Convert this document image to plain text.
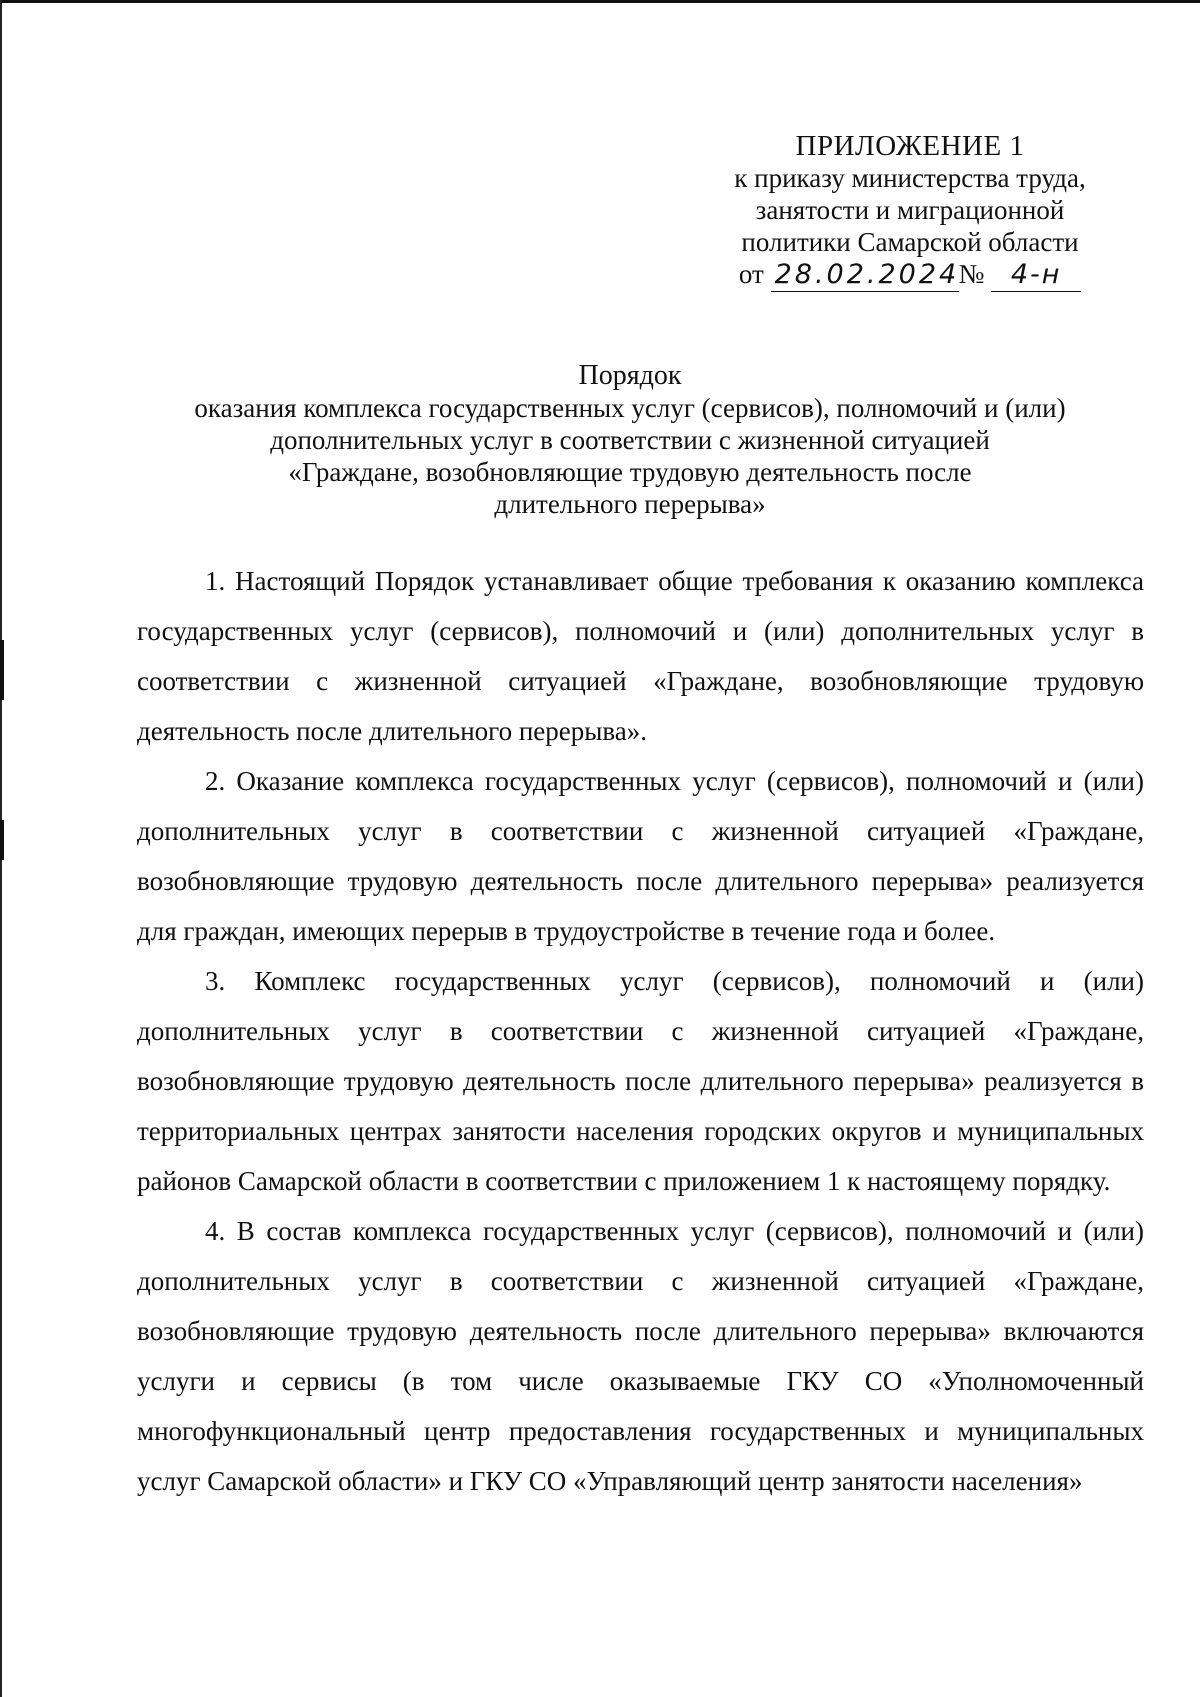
ПРИЛОЖЕНИЕ 1
к приказу министерства труда,
занятости и миграционной
политики Самарской области
от 28.02.2024№ 4-н
Порядок
оказания комплекса государственных услуг (сервисов), полномочий и (или)
дополнительных услуг в соответствии с жизненной ситуацией
«Граждане, возобновляющие трудовую деятельность после
длительного перерыва»

1. Настоящий Порядок устанавливает общие требования к оказанию комплекса государственных услуг (сервисов), полномочий и (или) дополнительных услуг в соответствии с жизненной ситуацией «Граждане, возобновляющие трудовую деятельность после длительного перерыва».

2. Оказание комплекса государственных услуг (сервисов), полномочий и (или) дополнительных услуг в соответствии с жизненной ситуацией «Граждане, возобновляющие трудовую деятельность после длительного перерыва» реализуется для граждан, имеющих перерыв в трудоустройстве в течение года и более.

3. Комплекс государственных услуг (сервисов), полномочий и (или) дополнительных услуг в соответствии с жизненной ситуацией «Граждане, возобновляющие трудовую деятельность после длительного перерыва» реализуется в территориальных центрах занятости населения городских округов и муниципальных районов Самарской области в соответствии с приложением 1 к настоящему порядку.

4. В состав комплекса государственных услуг (сервисов), полномочий и (или) дополнительных услуг в соответствии с жизненной ситуацией «Граждане, возобновляющие трудовую деятельность после длительного перерыва» включаются услуги и сервисы (в том числе оказываемые ГКУ СО «Уполномоченный многофункциональный центр предоставления государственных и муниципальных услуг Самарской области» и ГКУ СО «Управляющий центр занятости населения»
